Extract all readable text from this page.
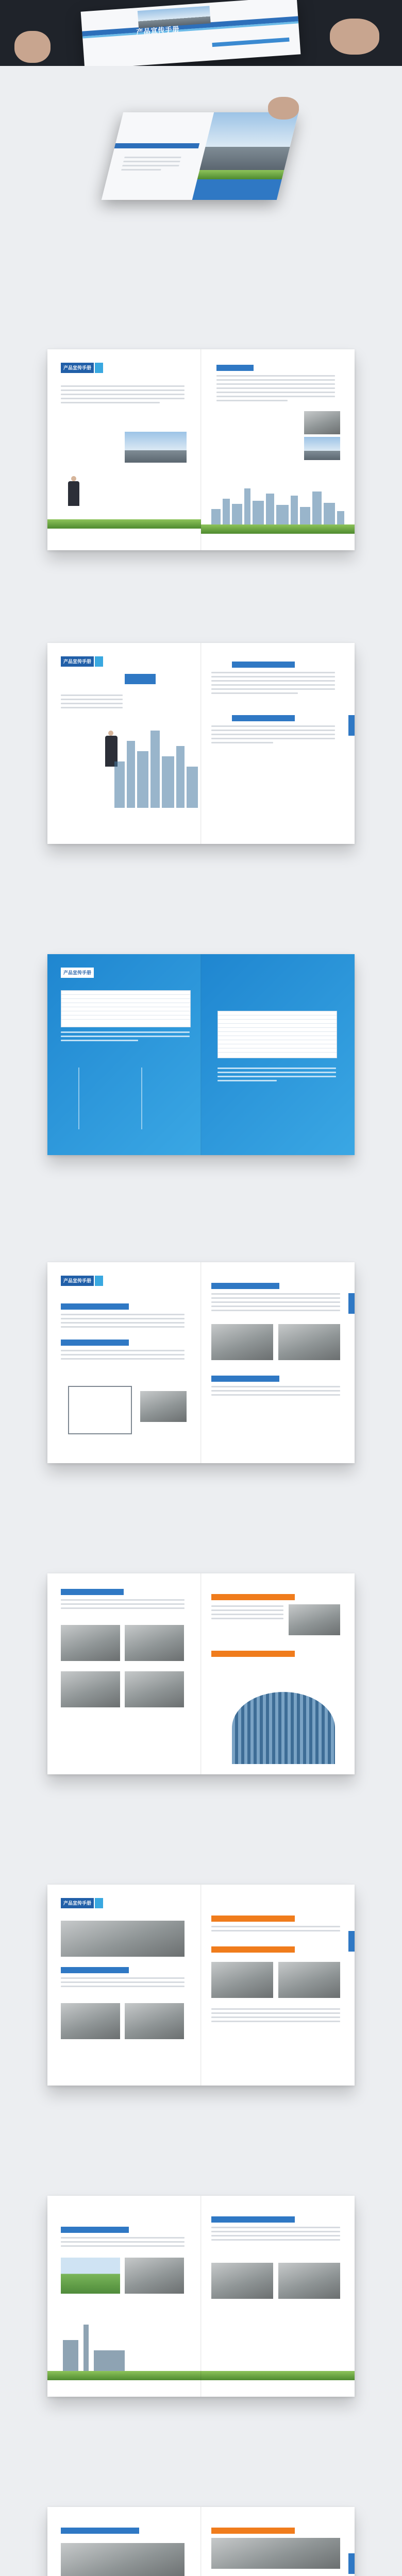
产品宣传手册
产品宣传手册
产品宣传手册
产品宣传手册
产品宣传手册
产品宣传手册
